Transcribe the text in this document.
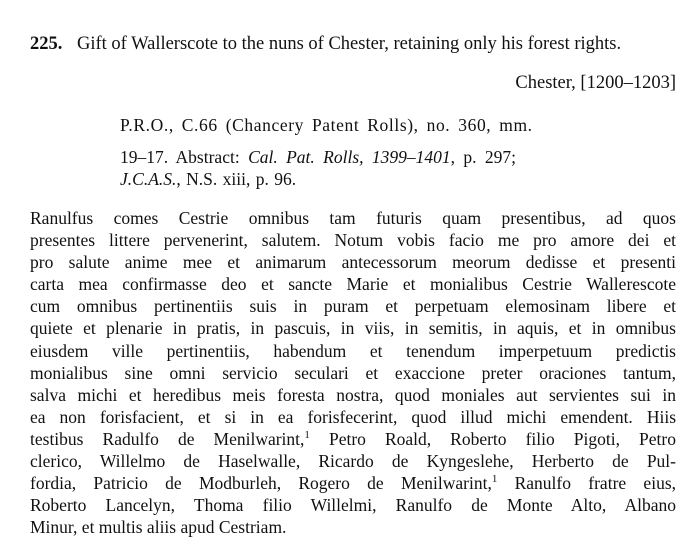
225. Gift of Wallerscote to the nuns of Chester, retaining only his forest rights.
Chester, [1200–1203]
P.R.O., C.66 (Chancery Patent Rolls), no. 360, mm.
19–17. Abstract: Cal. Pat. Rolls, 1399–1401, p. 297;
J.C.A.S., N.S. xiii, p. 96.
Ranulfus comes Cestrie omnibus tam futuris quam presentibus, ad quos
presentes littere pervenerint, salutem. Notum vobis facio me pro amore dei et
pro salute anime mee et animarum antecessorum meorum dedisse et presenti
carta mea confirmasse deo et sancte Marie et monialibus Cestrie Wallerescote
cum omnibus pertinentiis suis in puram et perpetuam elemosinam libere et
quiete et plenarie in pratis, in pascuis, in viis, in semitis, in aquis, et in omnibus
eiusdem ville pertinentiis, habendum et tenendum imperpetuum predictis
monialibus sine omni servicio seculari et exaccione preter oraciones tantum,
salva michi et heredibus meis foresta nostra, quod moniales aut servientes sui in
ea non forisfacient, et si in ea forisfecerint, quod illud michi emendent. Hiis
testibus Radulfo de Menilwarint,$^1$ Petro Roald, Roberto filio Pigoti, Petro
clerico, Willelmo de Haselwalle, Ricardo de Kyngeslehe, Herberto de Pul-
fordia, Patricio de Modburleh, Rogero de Menilwarint,$^1$ Ranulfo fratre eius,
Roberto Lancelyn, Thoma filio Willelmi, Ranulfo de Monte Alto, Albano
Minur, et multis aliis apud Cestriam.
